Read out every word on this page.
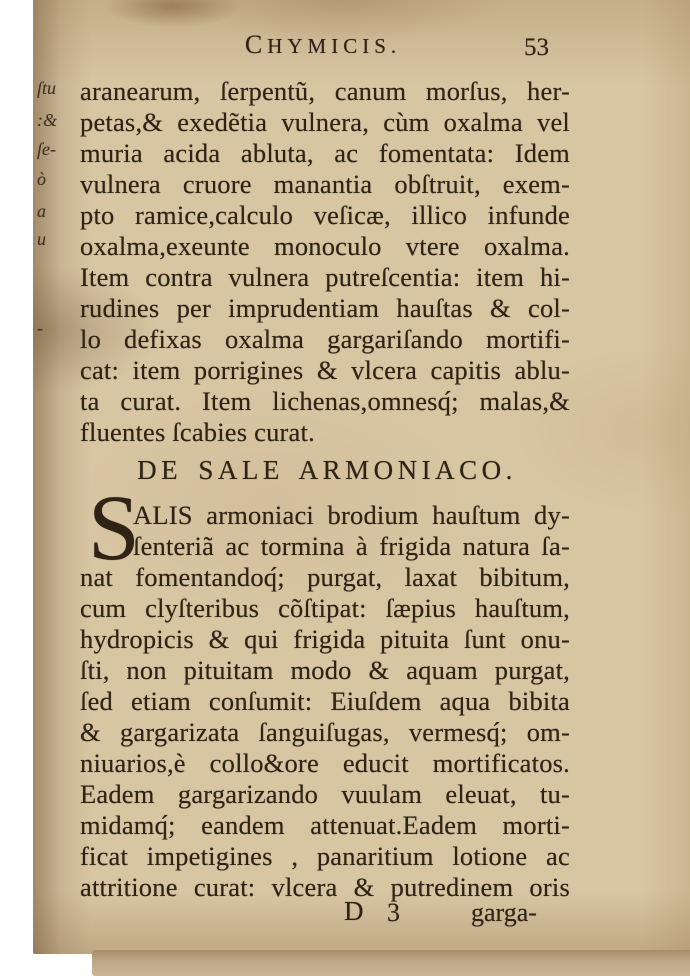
CHYMICIS.	53
ſtu
:&
ſe-
ò
a
u
-
aranearum, ſerpentũ, canum morſus, her-
petas,& exedẽtia vulnera, cùm oxalma vel
muria acida abluta, ac fomentata: Idem
vulnera cruore manantia obſtruit, exem-
pto ramice,calculo veſicæ, illico infunde
oxalma,exeunte monoculo vtere oxalma.
Item contra vulnera putreſcentia: item hi-
rudines per imprudentiam hauſtas & col-
lo defixas oxalma gargariſando mortifi-
cat: item porrigines & vlcera capitis ablu-
ta curat. Item lichenas,omnesq́; malas,&
fluentes ſcabies curat.
DE SALE ARMONIACO.
S
ALIS armoniaci brodium hauſtum dy-
ſenteriã ac tormina à frigida natura ſa-
nat fomentandoq́; purgat, laxat bibitum,
cum clyſteribus cõſtipat: ſæpius hauſtum,
hydropicis & qui frigida pituita ſunt onu-
ſti, non pituitam modo & aquam purgat,
ſed etiam conſumit: Eiuſdem aqua bibita
& gargarizata ſanguiſugas, vermesq́; om-
niuarios,è collo&ore educit mortificatos.
Eadem gargarizando vuulam eleuat, tu-
midamq́; eandem attenuat.Eadem morti-
ficat impetigines , panaritium lotione ac
attritione curat: vlcera & putredinem oris
D 3	garga-
